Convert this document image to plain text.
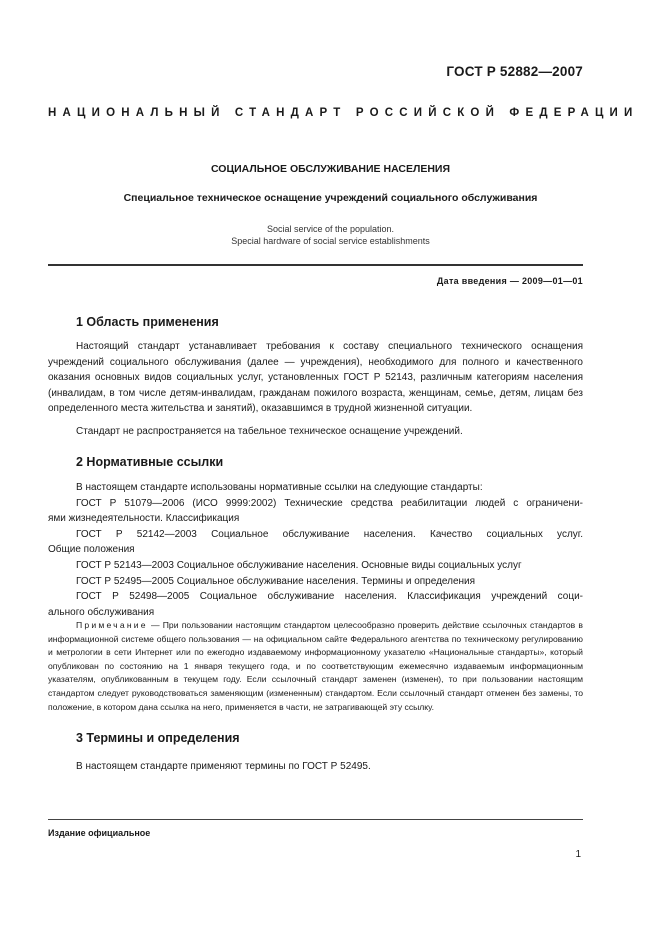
ГОСТ Р 52882—2007
НАЦИОНАЛЬНЫЙ СТАНДАРТ РОССИЙСКОЙ ФЕДЕРАЦИИ
СОЦИАЛЬНОЕ ОБСЛУЖИВАНИЕ НАСЕЛЕНИЯ
Специальное техническое оснащение учреждений социального обслуживания
Social service of the population.
Special hardware of social service establishments
Дата введения — 2009—01—01
1 Область применения
Настоящий стандарт устанавливает требования к составу специального технического оснащения учреждений социального обслуживания (далее — учреждения), необходимого для полного и качественного оказания основных видов социальных услуг, установленных ГОСТ Р 52143, различным категориям населения (инвалидам, в том числе детям-инвалидам, гражданам пожилого возраста, женщинам, семье, детям, лицам без определенного места жительства и занятий), оказавшимся в трудной жизненной ситуации.
Стандарт не распространяется на табельное техническое оснащение учреждений.
2 Нормативные ссылки
В настоящем стандарте использованы нормативные ссылки на следующие стандарты:
ГОСТ Р 51079—2006 (ИСО 9999:2002) Технические средства реабилитации людей с ограничени-
ями жизнедеятельности. Классификация
ГОСТ Р 52142—2003 Социальное обслуживание населения. Качество социальных услуг.
Общие положения
ГОСТ Р 52143—2003 Социальное обслуживание населения. Основные виды социальных услуг
ГОСТ Р 52495—2005 Социальное обслуживание населения. Термины и определения
ГОСТ Р 52498—2005 Социальное обслуживание населения. Классификация учреждений соци-
ального обслуживания
Примечание — При пользовании настоящим стандартом целесообразно проверить действие ссылочных стандартов в информационной системе общего пользования — на официальном сайте Федерального агентства по техническому регулированию и метрологии в сети Интернет или по ежегодно издаваемому информационному указателю «Национальные стандарты», который опубликован по состоянию на 1 января текущего года, и по соответствующим ежемесячно издаваемым информационным указателям, опубликованным в текущем году. Если ссылочный стандарт заменен (изменен), то при пользовании настоящим стандартом следует руководствоваться заменяющим (измененным) стандартом. Если ссылочный стандарт отменен без замены, то положение, в котором дана ссылка на него, применяется в части, не затрагивающей эту ссылку.
3 Термины и определения
В настоящем стандарте применяют термины по ГОСТ Р 52495.
Издание официальное
1
